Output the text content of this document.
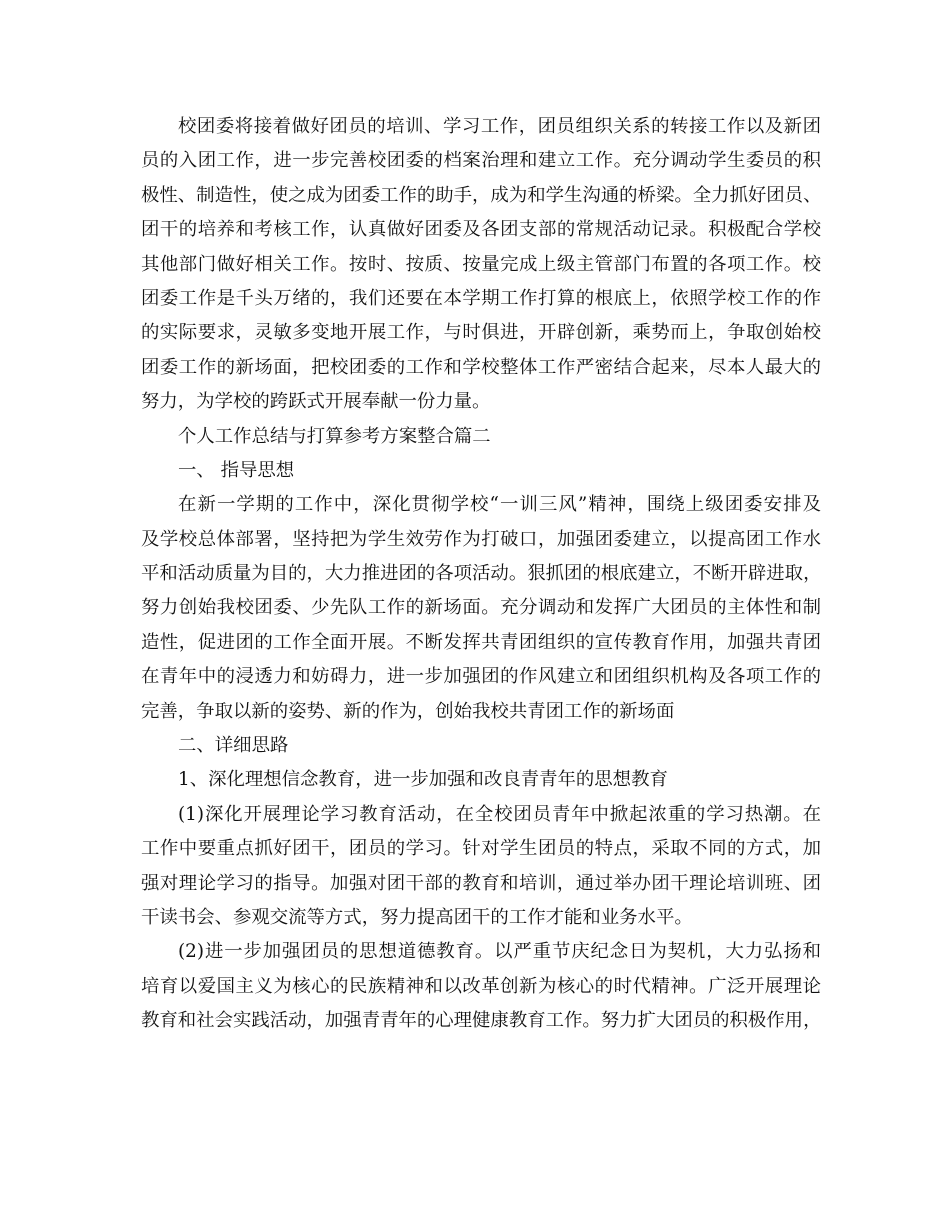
校团委将接着做好团员的培训、学习工作，团员组织关系的转接工作以及新团
员的入团工作，进一步完善校团委的档案治理和建立工作。充分调动学生委员的积
极性、制造性，使之成为团委工作的助手，成为和学生沟通的桥梁。全力抓好团员、
团干的培养和考核工作，认真做好团委及各团支部的常规活动记录。积极配合学校
其他部门做好相关工作。按时、按质、按量完成上级主管部门布置的各项工作。校
团委工作是千头万绪的，我们还要在本学期工作打算的根底上，依照学校工作的作
的实际要求，灵敏多变地开展工作，与时俱进，开辟创新，乘势而上，争取创始校
团委工作的新场面，把校团委的工作和学校整体工作严密结合起来，尽本人最大的
努力，为学校的跨跃式开展奉献一份力量。
个人工作总结与打算参考方案整合篇二
一、 指导思想
在新一学期的工作中，深化贯彻学校“一训三风”精神，围绕上级团委安排及
及学校总体部署，坚持把为学生效劳作为打破口，加强团委建立，以提高团工作水
平和活动质量为目的，大力推进团的各项活动。狠抓团的根底建立，不断开辟进取，
努力创始我校团委、少先队工作的新场面。充分调动和发挥广大团员的主体性和制
造性，促进团的工作全面开展。不断发挥共青团组织的宣传教育作用，加强共青团
在青年中的浸透力和妨碍力，进一步加强团的作风建立和团组织机构及各项工作的
完善，争取以新的姿势、新的作为，创始我校共青团工作的新场面
二、详细思路
1、深化理想信念教育，进一步加强和改良青青年的思想教育
(1)深化开展理论学习教育活动，在全校团员青年中掀起浓重的学习热潮。在
工作中要重点抓好团干，团员的学习。针对学生团员的特点，采取不同的方式，加
强对理论学习的指导。加强对团干部的教育和培训，通过举办团干理论培训班、团
干读书会、参观交流等方式，努力提高团干的工作才能和业务水平。
(2)进一步加强团员的思想道德教育。以严重节庆纪念日为契机，大力弘扬和
培育以爱国主义为核心的民族精神和以改革创新为核心的时代精神。广泛开展理论
教育和社会实践活动，加强青青年的心理健康教育工作。努力扩大团员的积极作用，
